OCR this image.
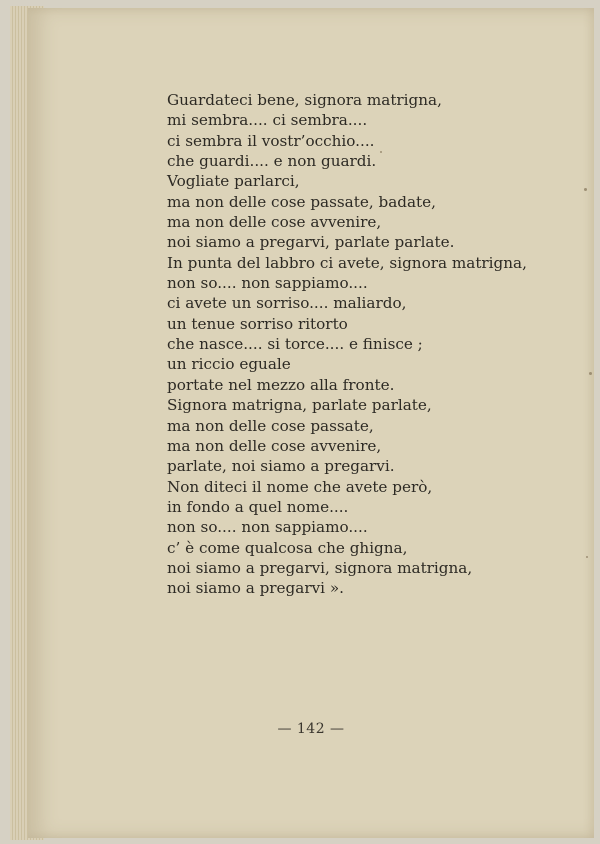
Guardateci bene, signora matrigna,
mi sembra.... ci sembra....
ci sembra il vostr’occhio....
che guardi.... e non guardi.
Vogliate parlarci,
ma non delle cose passate, badate,
ma non delle cose avvenire,
noi siamo a pregarvi, parlate parlate.
In punta del labbro ci avete, signora matrigna,
non so.... non sappiamo....
ci avete un sorriso.... maliardo,
un tenue sorriso ritorto
che nasce.... si torce.... e finisce ;
un riccio eguale
portate nel mezzo alla fronte.
Signora matrigna, parlate parlate,
ma non delle cose passate,
ma non delle cose avvenire,
parlate, noi siamo a pregarvi.
Non diteci il nome che avete però,
in fondo a quel nome....
non so.... non sappiamo....
c’ è come qualcosa che ghigna,
noi siamo a pregarvi, signora matrigna,
noi siamo a pregarvi ».
— 142 —
